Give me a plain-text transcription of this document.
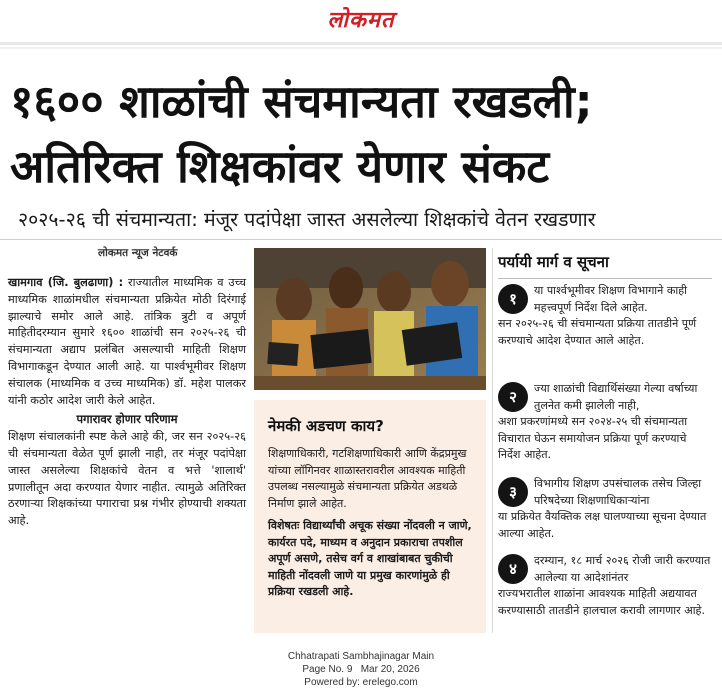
लोकमत
१६०० शाळांची संचमान्यता रखडली;
अतिरिक्त शिक्षकांवर येणार संकट
२०२५-२६ ची संचमान्यता: मंजूर पदांपेक्षा जास्त असलेल्या शिक्षकांचे वेतन रखडणार
लोकमत न्यूज नेटवर्क

खामगाव (जि. बुलढाणा) : राज्यातील माध्यमिक व उच्च माध्यमिक शाळांमधील संचमान्यता प्रक्रियेत मोठी दिरंगाई झाल्याचे समोर आले आहे. तांत्रिक त्रुटी व अपूर्ण माहितीदरम्यान सुमारे १६०० शाळांची सन २०२५-२६ ची संचमान्यता अद्याप प्रलंबित असल्याची माहिती शिक्षण विभागाकडून देण्यात आली आहे. या पार्श्वभूमीवर शिक्षण संचालक (माध्यमिक व उच्च माध्यमिक) डॉ. महेश पालकर यांनी कठोर आदेश जारी केले आहेत.

पगारावर होणार परिणाम

शिक्षण संचालकांनी स्पष्ट केले आहे की, जर सन २०२५-२६ ची संचमान्यता वेळेत पूर्ण झाली नाही, तर मंजूर पदांपेक्षा जास्त असलेल्या शिक्षकांचे वेतन व भत्ते 'शालार्थ' प्रणालीतून अदा करण्यात येणार नाहीत. त्यामुळे अतिरिक्त ठरणाऱ्या शिक्षकांच्या पगाराचा प्रश्न गंभीर होण्याची शक्यता आहे.

नेमकी अडचण काय?

शिक्षणाधिकारी, गटशिक्षणाधिकारी आणि केंद्रप्रमुख यांच्या लॉगिनवर शाळास्तरावरील आवश्यक माहिती उपलब्ध नसल्यामुळे संचमान्यता प्रक्रियेत अडथळे निर्माण झाले आहेत.

विशेषतः विद्यार्थ्यांची अचूक संख्या नोंदवली न जाणे, कार्यरत पदे, माध्यम व अनुदान प्रकाराचा तपशील अपूर्ण असणे, तसेच वर्ग व शाखांबाबत चुकीची माहिती नोंदवली जाणे या प्रमुख कारणांमुळे ही प्रक्रिया रखडली आहे.

पर्यायी मार्ग व सूचना
१	या पार्श्वभूमीवर शिक्षण विभागाने काही महत्त्वपूर्ण निर्देश दिले आहेत.
सन २०२५-२६ ची संचमान्यता प्रक्रिया तातडीने पूर्ण करण्याचे आदेश देण्यात आले आहेत.
२	ज्या शाळांची विद्यार्थिसंख्या गेल्या वर्षाच्या तुलनेत कमी झालेली नाही,
अशा प्रकरणांमध्ये सन २०२४-२५ ची संचमान्यता विचारात घेऊन समायोजन प्रक्रिया पूर्ण करण्याचे निर्देश आहेत.
३	विभागीय शिक्षण उपसंचालक तसेच जिल्हा परिषदेच्या शिक्षणाधिकाऱ्यांना
या प्रक्रियेत वैयक्तिक लक्ष घालण्याच्या सूचना देण्यात आल्या आहेत.
४	दरम्यान, १८ मार्च २०२६ रोजी जारी करण्यात आलेल्या या आदेशांनंतर
राज्यभरातील शाळांना आवश्यक माहिती अद्ययावत करण्यासाठी तातडीने हालचाल करावी लागणार आहे.
Chhatrapati Sambhajinagar Main
Page No. 9   Mar 20, 2026
Powered by: erelego.com
